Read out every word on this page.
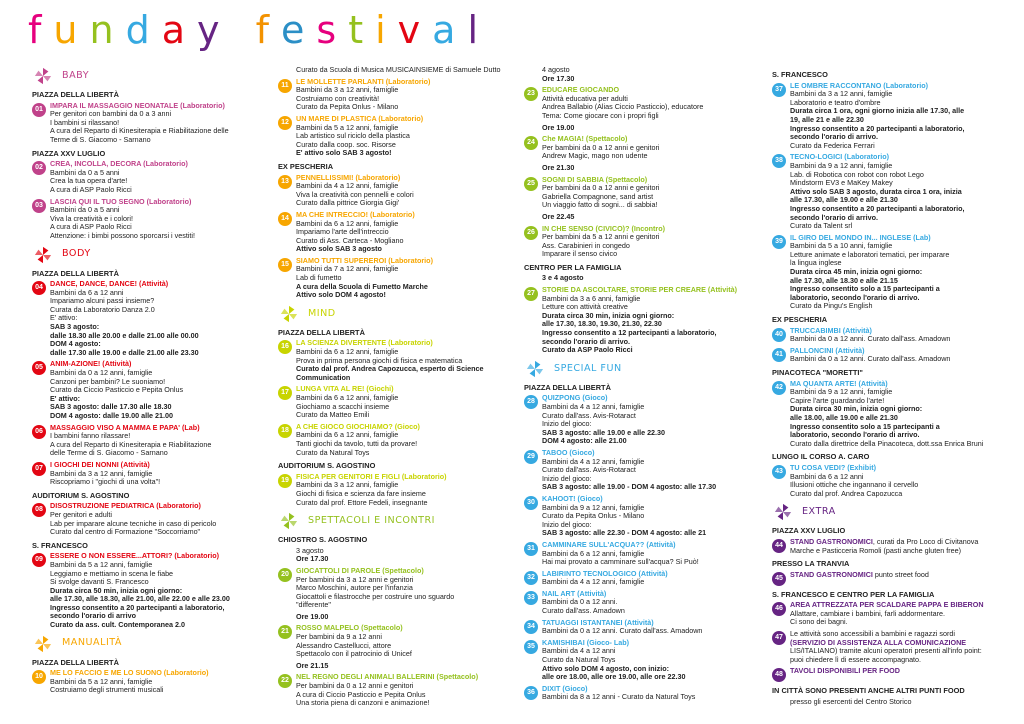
funday festival
BABY
PIAZZA DELLA LIBERTÀ
01 IMPARA IL MASSAGGIO NEONATALE (Laboratorio)
Per genitori con bambini da 0 a 3 anni
I bambini si rilassano!
A cura del Reparto di Kinesiterapia e Riabilitazione delle
Terme di S. Giacomo - Sarnano
PIAZZA XXV LUGLIO
02 CREA, INCOLLA, DECORA (Laboratorio)
Bambini da 0 a 5 anni
Crea la tua opera d'arte!
A cura di ASP Paolo Ricci
03 LASCIA QUI IL TUO SEGNO (Laboratorio)
Bambini da 0 a 5 anni
Viva la creatività e i colori!
A cura di ASP Paolo Ricci
Attenzione: i bimbi possono sporcarsi i vestiti!
BODY
PIAZZA DELLA LIBERTÀ
04 DANCE, DANCE, DANCE! (Attività)
Bambini da 6 a 12 anni
Impariamo alcuni passi insieme?
Curata da Laboratorio Danza 2.0
E' attivo:
SAB 3 agosto:
dalle 18.30 alle 20.00 e dalle 21.00 alle 00.00
DOM 4 agosto:
dalle 17.30 alle 19.00 e dalle 21.00 alle 23.30
05 ANIM-AZIONE! (Attività)
Bambini da 0 a 12 anni, famiglie
Canzoni per bambini? Le suoniamo!
Curato da Ciccio Pasticcio e Pepita Onlus
E' attivo:
SAB 3 agosto: dalle 17.30 alle 18.30
DOM 4 agosto: dalle 19.00 alle 21.00
06 MASSAGGIO VISO A MAMMA E PAPA' (Lab)
I bambini fanno rilassare!
A cura del Reparto di Kinesiterapia e Riabilitazione
delle Terme di S. Giacomo - Sarnano
07 I GIOCHI DEI NONNI (Attività)
Bambini da 3 a 12 anni, famiglie
Riscopriamo i "giochi di una volta"!
AUDITORIUM S. AGOSTINO
08 DISOSTRUZIONE PEDIATRICA (Laboratorio)
Per genitori e adulti
Lab per imparare alcune tecniche in caso di pericolo
Curato dal centro di Formazione "Soccorriamo"
S. FRANCESCO
09 ESSERE O NON ESSERE...ATTORI? (Laboratorio)
Bambini da 5 a 12 anni, famiglie
Leggiamo e mettiamo in scena le fiabe
Si svolge davanti S. Francesco
Durata circa 50 min, inizia ogni giorno:
alle 17.30, alle 18.30, alle 21.00, alle 22.00 e alle 23.00
Ingresso consentito a 20 partecipanti a laboratorio,
secondo l'orario di arrivo
Curato da ass. cult. Contemporanea 2.0
MANUALITÀ
PIAZZA DELLA LIBERTÀ
10 ME LO FACCIO E ME LO SUONO (Laboratorio)
Bambini da 5 a 12 anni, famiglie
Costruiamo degli strumenti musicali
Curato da Scuola di Musica MUSICAINSIEME di Samuele Dutto
11	LE MOLLETTE PARLANTI (Laboratorio)
Bambini da 3 a 12 anni, famiglie
Costruiamo con creatività!
Curato da Pepita Onlus - Milano
12 UN MARE DI PLASTICA (Laboratorio)
Bambini da 5 a 12 anni, famiglie
Lab artistico sul riciclo della plastica
Curato dalla coop. soc. Risorse
E' attivo solo SAB 3 agosto!
EX PESCHERIA
13 PENNELLISSIMI! (Laboratorio)
Bambini da 4 a 12 anni, famiglie
Viva la creatività con pennelli e colori
Curato dalla pittrice Giorgia Gigi'
14 MA CHE INTRECCIO! (Laboratorio)
Bambini da 6 a 12 anni, famiglie
Impariamo l'arte dell'intreccio
Curato di Ass. Carteca - Mogliano
Attivo solo SAB 3 agosto
15 SIAMO TUTTI SUPEREROI (Laboratorio)
Bambini da 7 a 12 anni, famiglie
Lab di fumetto
A cura della Scuola di Fumetto Marche
Attivo solo DOM 4 agosto!
MIND
PIAZZA DELLA LIBERTÀ
16 LA SCIENZA DIVERTENTE (Laboratorio)
Bambini da 6 a 12 anni, famiglie
Prova in prima persona giochi di fisica e matematica
Curato dal prof. Andrea Capozucca, esperto di Science
Communication
17 LUNGA VITA AL RE! (Giochi)
Bambini da 6 a 12 anni, famiglie
Giochiamo a scacchi insieme
Curato da Matteo Emili
18 A CHE GIOCO GIOCHIAMO? (Gioco)
Bambini da 6 a 12 anni, famiglie
Tanti giochi da tavolo, tutti da provare!
Curato da Natural Toys
AUDITORIUM S. AGOSTINO
19 FISICA PER GENITORI E FIGLI (Laboratorio)
Bambini da 3 a 12 anni, famiglie
Giochi di fisica e scienza da fare insieme
Curato dal prof. Ettore Fedeli, insegnante
SPETTACOLI E INCONTRI
CHIOSTRO S. AGOSTINO
3 agosto
Ore 17.30
20 GIOCATTOLI DI PAROLE (Spettacolo)
Per bambini da 3 a 12 anni e genitori
Marco Moschini, autore per l'infanzia
Giocattoli e filastrocche per costruire uno sguardo
"differente"
Ore 19.00
21 ROSSO MALPELO (Spettacolo)
Per bambini da 9 a 12 anni
Alessandro Castellucci, attore
Spettacolo con il patrocinio di Unicef
Ore 21.15
22 NEL REGNO DEGLI ANIMALI BALLERINI (Spettacolo)
Per bambini da 0 a 12 anni e genitori
A cura di Ciccio Pasticcio e Pepita Onlus
Una storia piena di canzoni e animazione!
4 agosto
Ore 17.30
23 EDUCARE GIOCANDO
Attività educativa per adulti
Andrea Ballabio (Alias Ciccio Pasticcio), educatore
Tema: Come giocare con i propri figli
Ore 19.00
24 Che MAGIA! (Spettacolo)
Per bambini da 0 a 12 anni e genitori
Andrew Magic, mago non udente
Ore 21.30
25 SOGNI DI SABBIA (Spettacolo)
Per bambini da 0 a 12 anni e genitori
Gabriella Compagnone, sand artist
Un viaggio fatto di sogni... di sabbia!
Ore 22.45
26 IN CHE SENSO (CIVICO)? (Incontro)
Per bambini da 5 a 12 anni e genitori
Ass. Carabinieri in congedo
Imparare il senso civico
CENTRO PER LA FAMIGLIA
3 e 4 agosto
27 STORIE DA ASCOLTARE, STORIE PER CREARE (Attività)
Bambini da 3 a 6 anni, famiglie
Letture con attività creative
Durata circa 30 min, inizia ogni giorno:
alle 17.30, 18.30, 19.30, 21.30, 22.30
Ingresso consentito a 12 partecipanti a laboratorio,
secondo l'orario di arrivo.
Curato da ASP Paolo Ricci
SPECIAL FUN
PIAZZA DELLA LIBERTÀ
28 QUIZPONG (Gioco)
Bambini da 4 a 12 anni, famiglie
Curato dall'ass. Avis-Rotaract
Inizio del gioco:
SAB 3 agosto: alle 19.00 e alle 22.30
DOM 4 agosto: alle 21.00
29 TABOO (Gioco)
Bambini da 4 a 12 anni, famiglie
Curato dall'ass. Avis-Rotaract
Inizio del gioco:
SAB 3 agosto: alle 19.00 - DOM 4 agosto: alle 17.30
30 KAHOOT! (Gioco)
Bambini da 9 a 12 anni, famiglie
Curato da Pepita Onlus - Milano
Inizio del gioco:
SAB 3 agosto: alle 22.30 - DOM 4 agosto: alle 21
31 CAMMINARE SULL'ACQUA?? (Attività)
Bambini da 6 a 12 anni, famiglie
Hai mai provato a camminare sull'acqua? Si Può!
32 LABIRINTO TECNOLOGICO (Attività)
Bambini da 4 a 12 anni, famiglie
33 NAIL ART (Attività)
Bambini da 0 a 12 anni.
Curato dall'ass. Amadown
34 TATUAGGI ISTANTANEI (Attività)
Bambini da 0 a 12 anni. Curato dall'ass. Amadown
35 KAMISHIBAI (Gioco- Lab)
Bambini da 4 a 12 anni
Curato da Natural Toys
Attivo solo DOM 4 agosto, con inizio:
alle ore 18.00, alle ore 19.00, alle ore 22.30
36 DIXIT (Gioco)
Bambini da 8 a 12 anni - Curato da Natural Toys
S. FRANCESCO
37 LE OMBRE RACCONTANO (Laboratorio)
Bambini da 3 a 12 anni, famiglie
Laboratorio e teatro d'ombre
Durata circa 1 ora, ogni giorno inizia alle 17.30, alle
19, alle 21 e alle 22.30
Ingresso consentito a 20 partecipanti a laboratorio,
secondo l'orario di arrivo.
Curato da Federica Ferrari
38 TECNO-LOGICI (Laboratorio)
Bambini da 9 a 12 anni, famiglie
Lab. di Robotica con robot con robot Lego
Mindstorm EV3 e MaKey Makey
Attivo solo SAB 3 agosto, durata circa 1 ora, inizia
alle 17.30, alle 19.00 e alle 21.30
Ingresso consentito a 20 partecipanti a laboratorio,
secondo l'orario di arrivo.
Curato da Talent srl
39 IL GIRO DEL MONDO IN... INGLESE (Lab)
Bambini da 5 a 10 anni, famiglie
Letture animate e laboratori tematici, per imparare
la lingua inglese
Durata circa 45 min, inizia ogni giorno:
alle 17.30, alle 18.30 e alle 21.15
Ingresso consentito solo a 15 partecipanti a
laboratorio, secondo l'orario di arrivo.
Curato da Pingu's English
EX PESCHERIA
40 TRUCCABIMBI (Attività)
Bambini da 0 a 12 anni. Curato dall'ass. Amadown
41 PALLONCINI (Attività)
Bambini da 0 a 12 anni. Curato dall'ass. Amadown
PINACOTECA "MORETTI"
42 MA QUANTA ARTE! (Attività)
Bambini da 9 a 12 anni, famiglie
Capire l'arte guardando l'arte!
Durata circa 30 min, inizia ogni giorno:
alle 18.00, alle 19.00 e alle 21.30
Ingresso consentito solo a 15 partecipanti a
laboratorio, secondo l'orario di arrivo.
Curato dalla direttrice della Pinacoteca, dott.ssa Enrica Bruni
LUNGO IL CORSO A. CARO
43 TU COSA VEDI? (Exhibit)
Bambini da 6 a 12 anni
Illusioni ottiche che ingannano il cervello
Curato dal prof. Andrea Capozucca
EXTRA
PIAZZA XXV LUGLIO
44 STAND GASTRONOMICI, curati da Pro Loco di Civitanova
Marche e Pasticceria Romoli (pasti anche gluten free)
PRESSO LA TRANVIA
45 STAND GASTRONOMICI punto street food
S. FRANCESCO E CENTRO PER LA FAMIGLIA
46 AREA ATTREZZATA PER SCALDARE PAPPA E BIBERON
Allattare, cambiare i bambini, farli addormentare.
Ci sono dei bagni.
47 Le attività sono accessibili a bambini e ragazzi sordi
(SERVIZIO DI ASSISTENZA ALLA COMUNICAZIONE
LIS/ITALIANO) tramite alcuni operatori presenti all'info point:
puoi chiedere lì di essere accompagnato.
48 TAVOLI DISPONIBILI PER FOOD
IN CITTÀ SONO PRESENTI ANCHE ALTRI PUNTI FOOD
presso gli esercenti del Centro Storico
